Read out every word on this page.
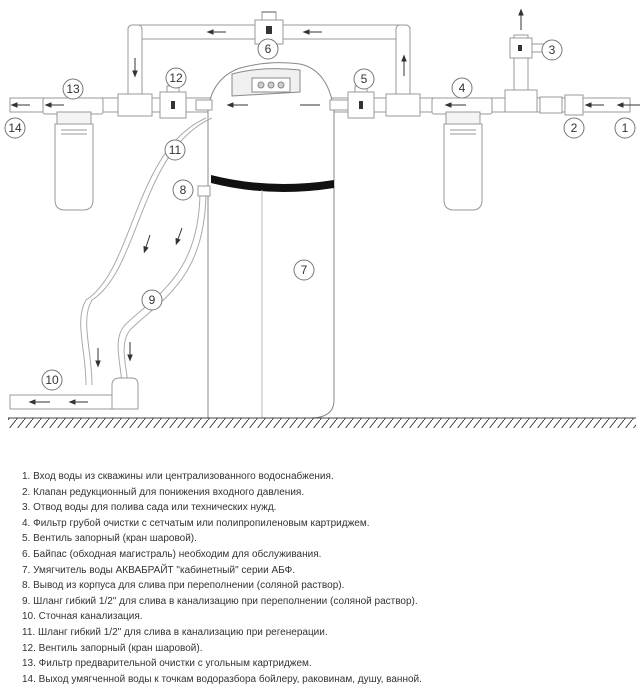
1
2
3
4
5
6
7
8
9
10
11
12
13
14
1. Вход воды из скважины или централизованного водоснабжения.
2. Клапан редукционный для понижения входного давления.
3. Отвод воды для полива сада или технических нужд.
4. Фильтр грубой очистки с сетчатым или полипропиленовым картриджем.
5. Вентиль запорный (кран шаровой).
6. Байпас (обходная магистраль) необходим для обслуживания.
7. Умягчитель воды АКВАБРАЙТ "кабинетный" серии АБФ.
8. Вывод из корпуса для слива при переполнении (соляной раствор).
9. Шланг гибкий 1/2" для слива в канализацию при переполнении (соляной раствор).
10. Сточная канализация.
11. Шланг гибкий 1/2" для слива в канализацию при регенерации.
12. Вентиль запорный (кран шаровой).
13. Фильтр предварительной очистки с угольным картриджем.
14. Выход умягченной воды к точкам водоразбора бойлеру, раковинам, душу, ванной.
